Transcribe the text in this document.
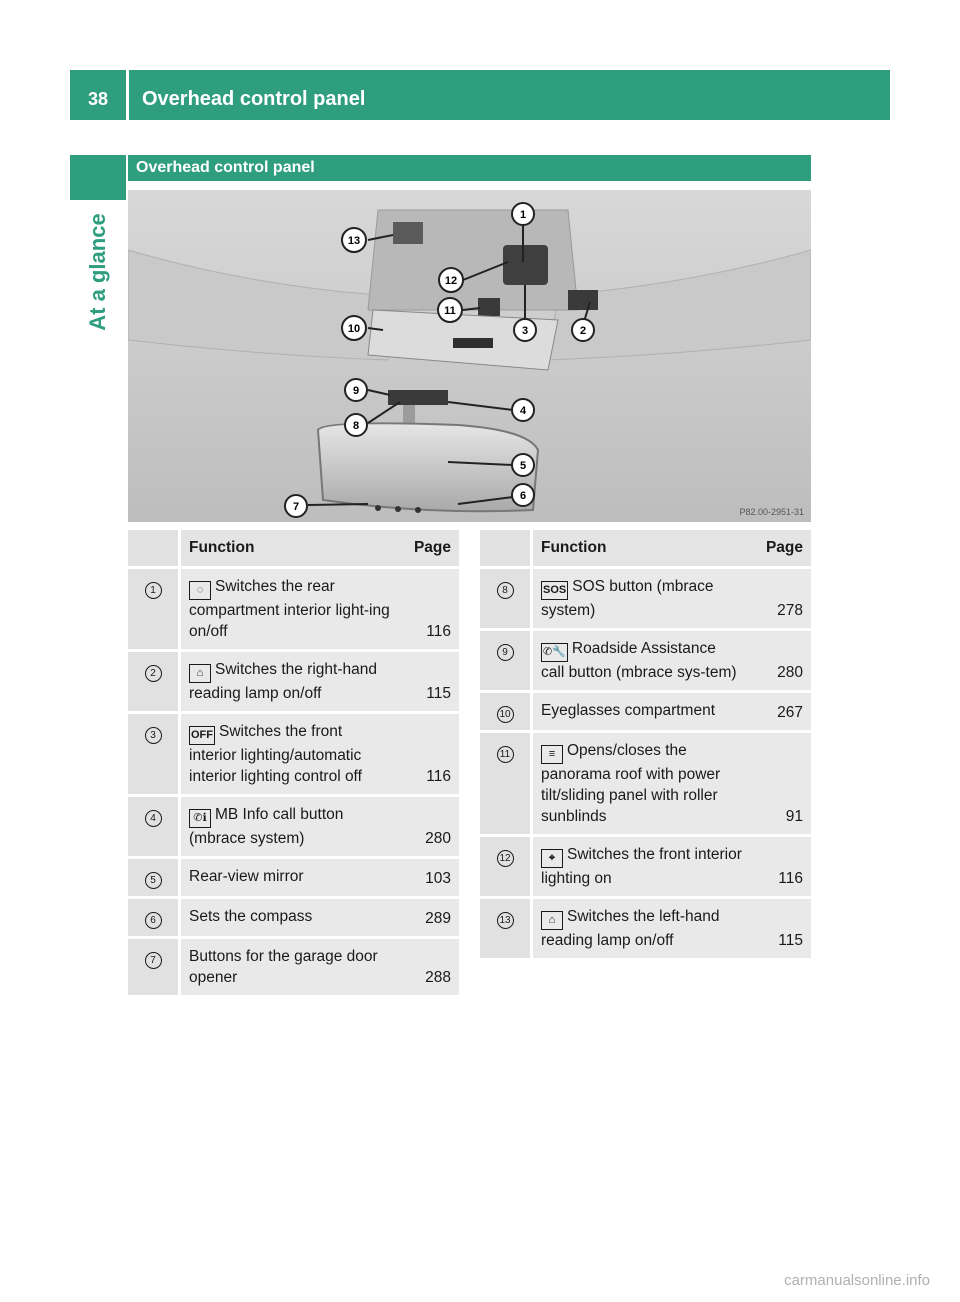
38	Overhead control panel
At a glance
Overhead control panel
1
2
3
4
5
6
7
8
9
10
11
12
13
P82.00-2951-31
	Function	Page
1	◌ Switches the rear compartment interior light-ing on/off	116
2	⌂ Switches the right-hand reading lamp on/off	115
3	OFF Switches the front interior lighting/automatic interior lighting control off	116
4	✆ℹ MB Info call button (mbrace system)	280
5	Rear-view mirror	103
6	Sets the compass	289
7	Buttons for the garage door opener	288
	Function	Page
8	SOS SOS button (mbrace system)	278
9	✆🔧 Roadside Assistance call button (mbrace sys-tem)	280
10	Eyeglasses compartment	267
11	≡ Opens/closes the panorama roof with power tilt/sliding panel with roller sunblinds	91
12	⌖ Switches the front interior lighting on	116
13	⌂ Switches the left-hand reading lamp on/off	115
carmanualsonline.info
